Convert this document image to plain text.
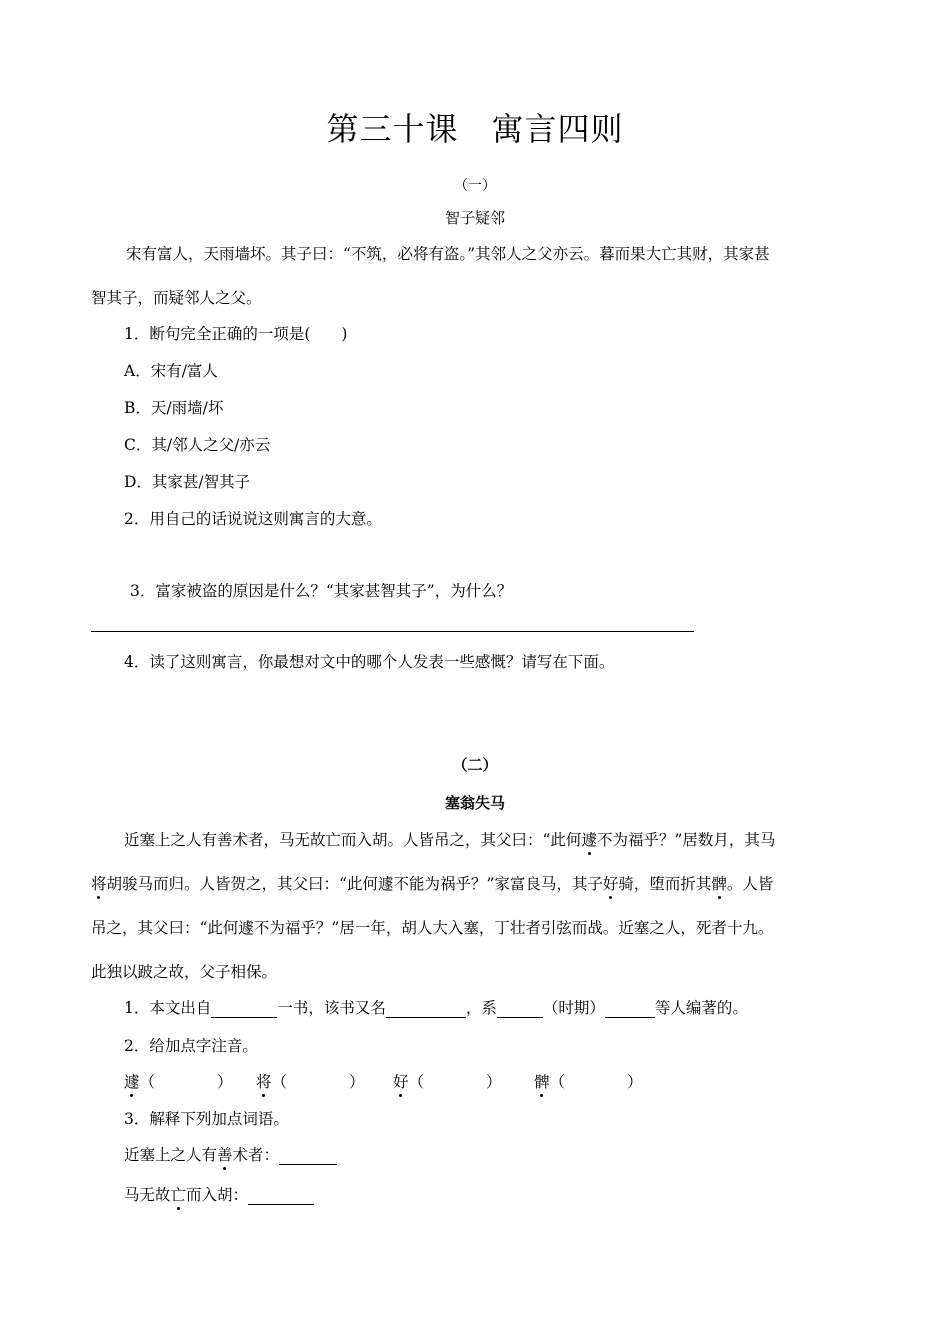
第三十课　寓言四则
（一）
智子疑邻
宋有富人，天雨墙坏。其子曰：“不筑，必将有盗。”其邻人之父亦云。暮而果大亡其财，其家甚
智其子，而疑邻人之父。
1．断句完全正确的一项是(　　)
A．宋有/富人
B．天/雨墙/坏
C．其/邻人之父/亦云
D．其家甚/智其子
2．用自己的话说说这则寓言的大意。
3．富家被盗的原因是什么？“其家甚智其子”，为什么？
4．读了这则寓言，你最想对文中的哪个人发表一些感慨？请写在下面。
（二）
塞翁失马
近塞上之人有善术者，马无故亡而入胡。人皆吊之，其父曰：“此何遽不为福乎？”居数月，其马
将胡骏马而归。人皆贺之，其父曰：“此何遽不能为祸乎？”家富良马，其子好骑，堕而折其髀。人皆
吊之，其父曰：“此何遽不为福乎？”居一年，胡人大入塞，丁壮者引弦而战。近塞之人，死者十九。
此独以跛之故，父子相保。
1．本文出自	一书，该书又名	，系	（时期）	等人编著的。
2．给加点字注音。
遽（　　　　） 将（　　　　） 好（　　　　） 髀（　　　　）
3．解释下列加点词语。
近塞上之人有善术者：
马无故亡而入胡：
